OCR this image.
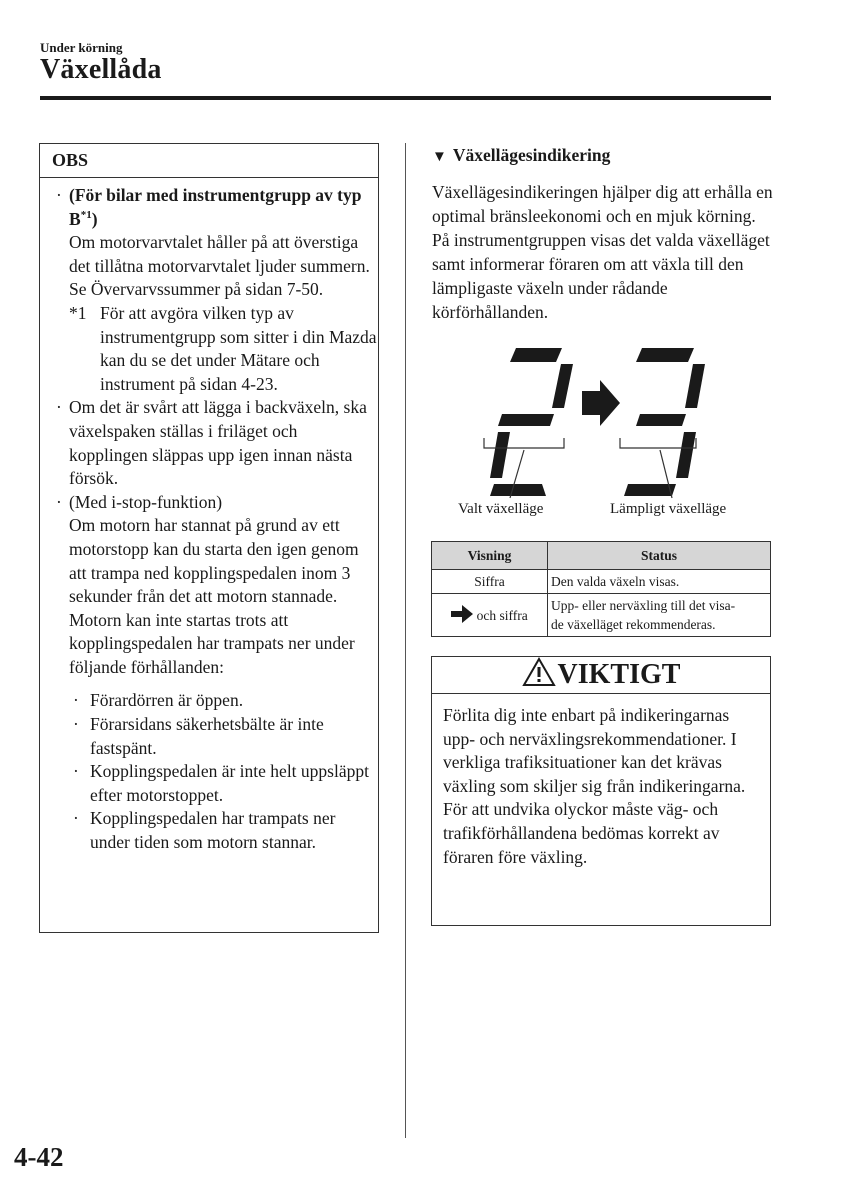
Under körning
Växellåda
OBS
· (För bilar med instrumentgrupp av typ $B^{*1}$)
Om motorvarvtalet håller på att överstiga det tillåtna motorvarvtalet ljuder summern.
Se Övervarvssummer på sidan 7-50.
*1 För att avgöra vilken typ av instrumentgrupp som sitter i din Mazda kan du se det under Mätare och instrument på sidan 4-23.
· Om det är svårt att lägga i backväxeln, ska växelspaken ställas i friläget och kopplingen släppas upp igen innan nästa försök.
· (Med i-stop-funktion)
Om motorn har stannat på grund av ett motorstopp kan du starta den igen genom att trampa ned kopplingspedalen inom 3 sekunder från det att motorn stannade.
Motorn kan inte startas trots att kopplingspedalen har trampats ner under följande förhållanden:
· Förardörren är öppen.
· Förarsidans säkerhetsbälte är inte fastspänt.
· Kopplingspedalen är inte helt uppsläppt efter motorstoppet.
· Kopplingspedalen har trampats ner under tiden som motorn stannar.
▼ Växellägesindikering
Växellägesindikeringen hjälper dig att erhålla en optimal bränsleekonomi och en mjuk körning. På instrumentgruppen visas det valda växelläget samt informerar föraren om att växla till den lämpligaste växeln under rådande körförhållanden.
Valt växelläge	Lämpligt växelläge
Visning	Status
Siffra	Den valda växeln visas.
och siffra	Upp- eller nerväxling till det visa-
de växelläget rekommenderas.
VIKTIGT
Förlita dig inte enbart på indikeringarnas upp- och nerväxlingsrekommendationer. I verkliga trafiksituationer kan det krävas växling som skiljer sig från indikeringarna. För att undvika olyckor måste väg- och trafikförhållandena bedömas korrekt av föraren före växling.
4-42
